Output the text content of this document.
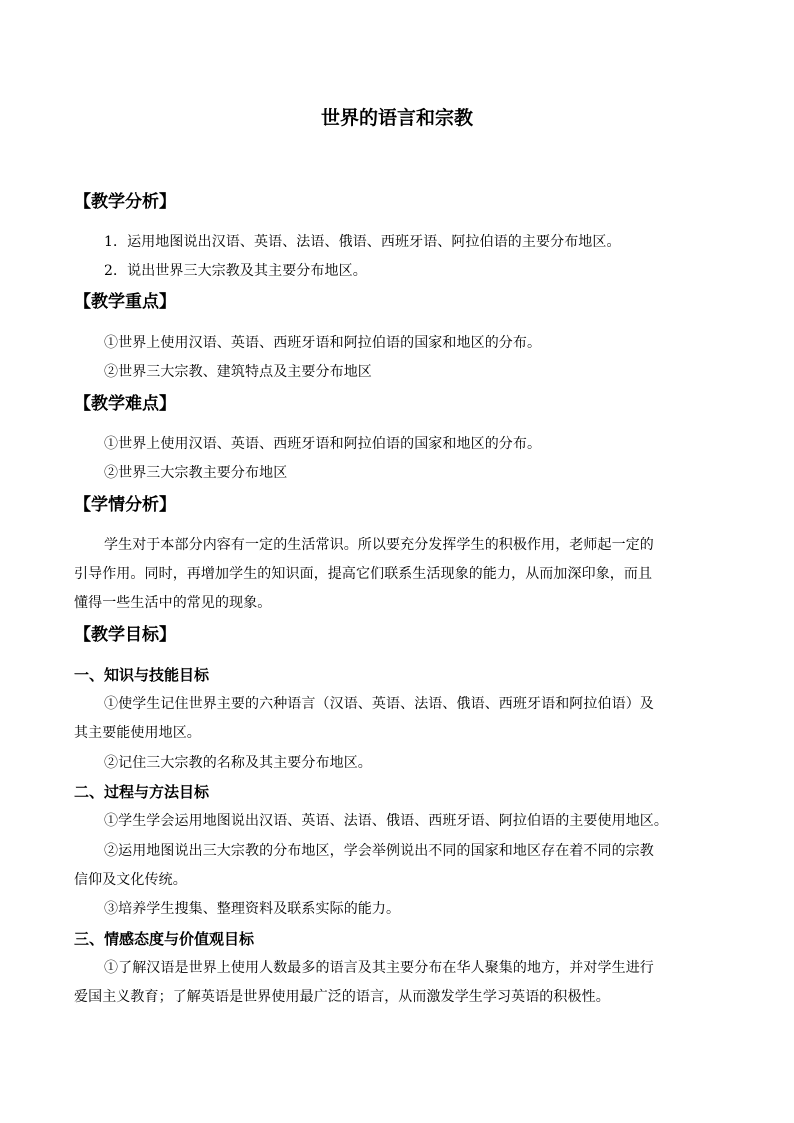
世界的语言和宗教
【教学分析】
1．运用地图说出汉语、英语、法语、俄语、西班牙语、阿拉伯语的主要分布地区。
2．说出世界三大宗教及其主要分布地区。
【教学重点】
①世界上使用汉语、英语、西班牙语和阿拉伯语的国家和地区的分布。
②世界三大宗教、建筑特点及主要分布地区
【教学难点】
①世界上使用汉语、英语、西班牙语和阿拉伯语的国家和地区的分布。
②世界三大宗教主要分布地区
【学情分析】
学生对于本部分内容有一定的生活常识。所以要充分发挥学生的积极作用，老师起一定的
引导作用。同时，再增加学生的知识面，提高它们联系生活现象的能力，从而加深印象，而且
懂得一些生活中的常见的现象。
【教学目标】
一、知识与技能目标
①使学生记住世界主要的六种语言（汉语、英语、法语、俄语、西班牙语和阿拉伯语）及
其主要能使用地区。
②记住三大宗教的名称及其主要分布地区。
二、过程与方法目标
①学生学会运用地图说出汉语、英语、法语、俄语、西班牙语、阿拉伯语的主要使用地区。
②运用地图说出三大宗教的分布地区，学会举例说出不同的国家和地区存在着不同的宗教
信仰及文化传统。
③培养学生搜集、整理资料及联系实际的能力。
三、情感态度与价值观目标
①了解汉语是世界上使用人数最多的语言及其主要分布在华人聚集的地方，并对学生进行
爱国主义教育；了解英语是世界使用最广泛的语言，从而激发学生学习英语的积极性。
